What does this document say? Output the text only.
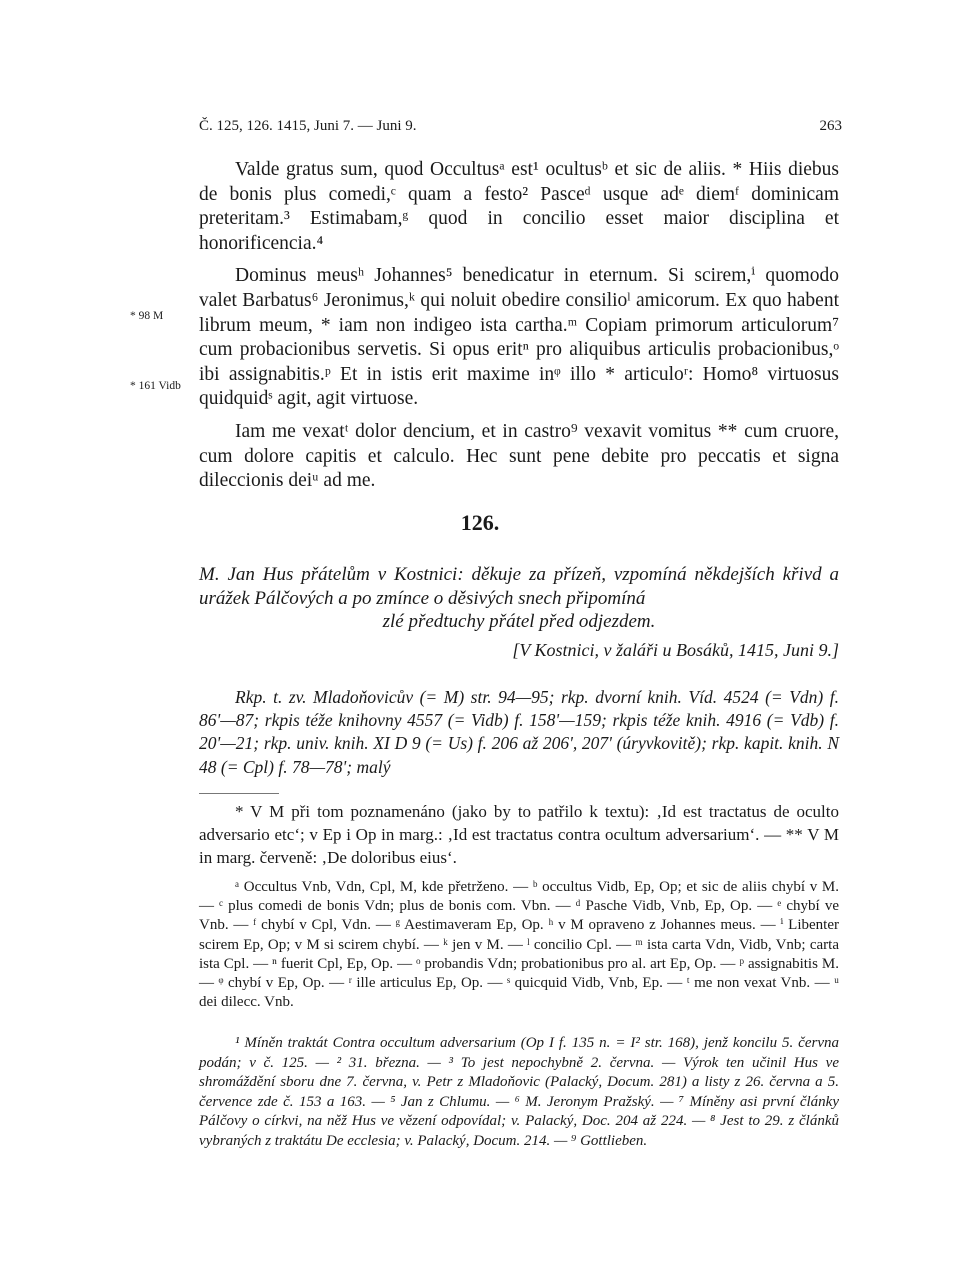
Č. 125, 126. 1415, Juni 7. — Juni 9.	263

Valde gratus sum, quod Occultusᵃ est¹ ocultusᵇ et sic de aliis. * Hiis diebus de bonis plus comedi,ᶜ quam a festo² Pasceᵈ usque adᵉ diemᶠ dominicam preteritam.³ Estimabam,ᵍ quod in concilio esset maior disciplina et honorificencia.⁴

Dominus meusʰ Johannes⁵ benedicatur in eternum. Si scirem,ⁱ quomodo valet Barbatus⁶ Jeronimus,ᵏ qui noluit obedire consilioˡ amicorum. Ex quo habent librum meum, * iam non indigeo ista cartha.ᵐ Copiam primorum articulorum⁷ cum probacionibus servetis. Si opus eritⁿ pro aliquibus articulis probacionibus,ᵒ ibi assignabitis.ᵖ Et in istis erit maxime inᵠ illo * articuloʳ: Homo⁸ virtuosus quidquidˢ agit, agit virtuose.

Iam me vexatᵗ dolor dencium, et in castro⁹ vexavit vomitus ** cum cruore, cum dolore capitis et calculo. Hec sunt pene debite pro peccatis et signa dileccionis deiᵘ ad me.

* 98 M
* 161 Vidb
126.
M. Jan Hus přátelům v Kostnici: děkuje za přízeň, vzpomíná někdejších křivd a urážek Pálčových a po zmínce o děsivých snech připomíná
zlé předtuchy přátel před odjezdem.
[V Kostnici, v žaláři u Bosáků, 1415, Juni 9.]
Rkp. t. zv. Mladoňovicův (= M) str. 94—95; rkp. dvorní knih. Víd. 4524 (= Vdn) f. 86'—87; rkpis téže knihovny 4557 (= Vidb) f. 158'—159; rkpis téže knih. 4916 (= Vdb) f. 20'—21; rkp. univ. knih. XI D 9 (= Us) f. 206 až 206', 207' (úryvkovitě); rkp. kapit. knih. N 48 (= Cpl) f. 78—78'; malý

* V M při tom poznamenáno (jako by to patřilo k textu): ‚Id est tractatus de oculto adversario etc‘; v Ep i Op in marg.: ‚Id est tractatus contra ocultum adversarium‘. — ** V M in marg. červeně: ‚De doloribus eius‘.

ᵃ Occultus Vnb, Vdn, Cpl, M, kde přetrženo. — ᵇ occultus Vidb, Ep, Op; et sic de aliis chybí v M. — ᶜ plus comedi de bonis Vdn; plus de bonis com. Vbn. — ᵈ Pasche Vidb, Vnb, Ep, Op. — ᵉ chybí ve Vnb. — ᶠ chybí v Cpl, Vdn. — ᵍ Aestimaveram Ep, Op. ʰ v M opraveno z Johannes meus. — ⁱ Libenter scirem Ep, Op; v M si scirem chybí. — ᵏ jen v M. — ˡ concilio Cpl. — ᵐ ista carta Vdn, Vidb, Vnb; carta ista Cpl. — ⁿ fuerit Cpl, Ep, Op. — ᵒ probandis Vdn; probationibus pro al. art Ep, Op. — ᵖ assignabitis M. — ᵠ chybí v Ep, Op. — ʳ ille articulus Ep, Op. — ˢ quicquid Vidb, Vnb, Ep. — ᵗ me non vexat Vnb. — ᵘ dei dilecc. Vnb.

¹ Míněn traktát Contra occultum adversarium (Op I f. 135 n. = I² str. 168), jenž koncilu 5. června podán; v č. 125. — ² 31. března. — ³ To jest nepochybně 2. června. — Výrok ten učinil Hus ve shromáždění sboru dne 7. června, v. Petr z Mladoňovic (Palacký, Docum. 281) a listy z 26. června a 5. července zde č. 153 a 163. — ⁵ Jan z Chlumu. — ⁶ M. Jeronym Pražský. — ⁷ Míněny asi první články Pálčovy o církvi, na něž Hus ve vězení odpovídal; v. Palacký, Doc. 204 až 224. — ⁸ Jest to 29. z článků vybraných z traktátu De ecclesia; v. Palacký, Docum. 214. — ⁹ Gottlieben.
